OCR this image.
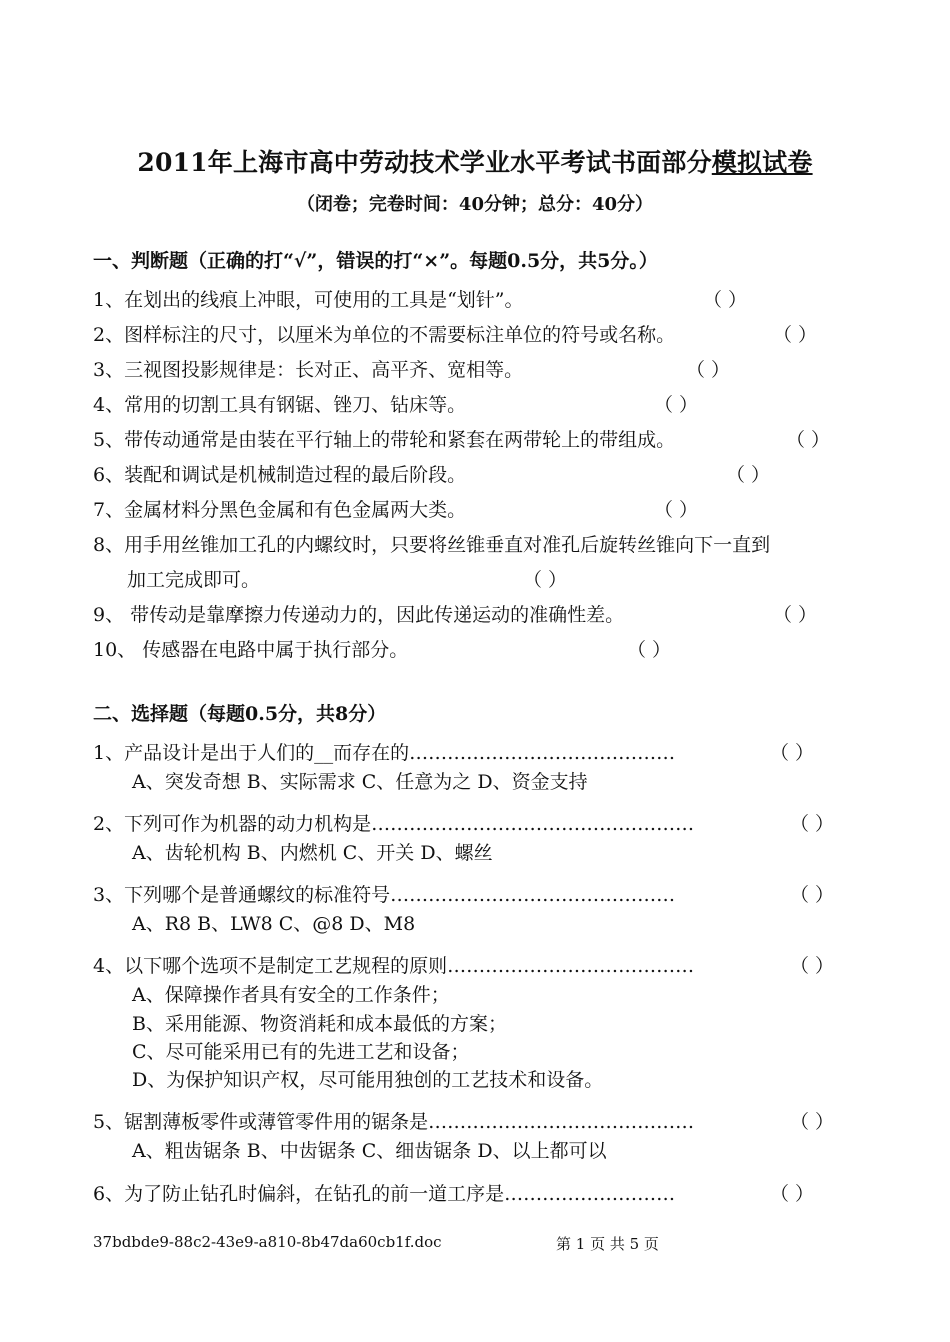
2011年上海市高中劳动技术学业水平考试书面部分模拟试卷
（闭卷；完卷时间：40分钟；总分：40分）
一、判断题（正确的打“√”，错误的打“×”。每题0.5分，共5分。）
1、在划出的线痕上冲眼，可使用的工具是“划针”。	（ ）
2、图样标注的尺寸，以厘米为单位的不需要标注单位的符号或名称。	（ ）
3、三视图投影规律是：长对正、高平齐、宽相等。	（ ）
4、常用的切割工具有钢锯、锉刀、钻床等。	（ ）
5、带传动通常是由装在平行轴上的带轮和紧套在两带轮上的带组成。	（ ）
6、装配和调试是机械制造过程的最后阶段。	（ ）
7、金属材料分黑色金属和有色金属两大类。	（ ）
8、用手用丝锥加工孔的内螺纹时，只要将丝锥垂直对准孔后旋转丝锥向下一直到
加工完成即可。	（ ）
9、 带传动是靠摩擦力传递动力的，因此传递运动的准确性差。	（ ）
10、 传感器在电路中属于执行部分。	（ ）
二、选择题（每题0.5分，共8分）
1、产品设计是出于人们的__而存在的……………………………………	（ ）
A、突发奇想 B、实际需求 C、任意为之 D、资金支持
2、下列可作为机器的动力机构是……………………………………………	（ ）
A、齿轮机构 B、内燃机 C、开关 D、螺丝
3、下列哪个是普通螺纹的标准符号………………………………………	（ ）
A、R8 B、LW8 C、@8 D、M8
4、以下哪个选项不是制定工艺规程的原则…………………………………	（ ）
A、保障操作者具有安全的工作条件；
B、采用能源、物资消耗和成本最低的方案；
C、尽可能采用已有的先进工艺和设备；
D、为保护知识产权，尽可能用独创的工艺技术和设备。
5、锯割薄板零件或薄管零件用的锯条是……………………………………	（ ）
A、粗齿锯条 B、中齿锯条 C、细齿锯条 D、以上都可以
6、为了防止钻孔时偏斜，在钻孔的前一道工序是………………………	（ ）
37bdbde9-88c2-43e9-a810-8b47da60cb1f.doc	第 1 页 共 5 页
